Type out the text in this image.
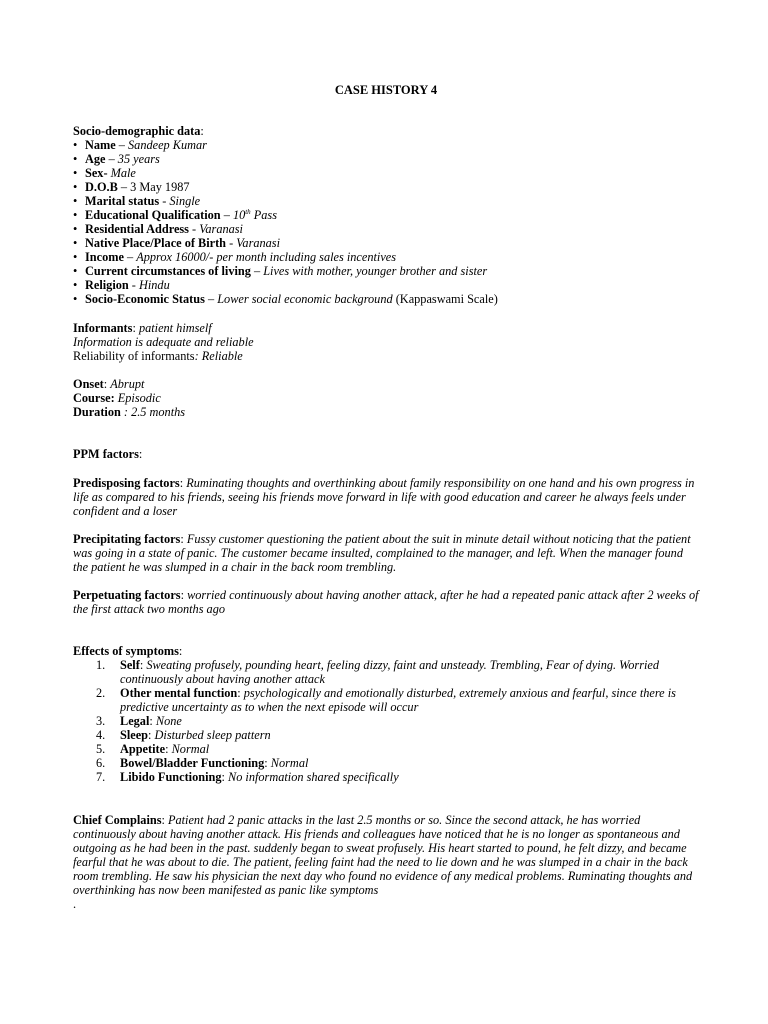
CASE HISTORY 4

Socio-demographic data:

• Name – Sandeep Kumar
• Age – 35 years
• Sex- Male
• D.O.B – 3 May 1987
• Marital status - Single
• Educational Qualification – 10th Pass
• Residential Address - Varanasi
• Native Place/Place of Birth - Varanasi
• Income – Approx 16000/- per month including sales incentives
• Current circumstances of living – Lives with mother, younger brother and sister
• Religion - Hindu
• Socio-Economic Status – Lower social economic background (Kappaswami Scale)

Informants: patient himself

Information is adequate and reliable

Reliability of informants: Reliable

Onset: Abrupt

Course: Episodic

Duration : 2.5 months

PPM factors:

Predisposing factors: Ruminating thoughts and overthinking about family responsibility on one hand and his own progress in life as compared to his friends, seeing his friends move forward in life with good education and career he always feels under confident and a loser

Precipitating factors: Fussy customer questioning the patient about the suit in minute detail without noticing that the patient was going in a state of panic. The customer became insulted, complained to the manager, and left. When the manager found the patient he was slumped in a chair in the back room trembling.

Perpetuating factors: worried continuously about having another attack, after he had a repeated panic attack after 2 weeks of the first attack two months ago

Effects of symptoms:

1. Self: Sweating profusely, pounding heart, feeling dizzy, faint and unsteady. Trembling, Fear of dying. Worried continuously about having another attack
2. Other mental function: psychologically and emotionally disturbed, extremely anxious and fearful, since there is predictive uncertainty as to when the next episode will occur
3. Legal: None
4. Sleep: Disturbed sleep pattern
5. Appetite: Normal
6. Bowel/Bladder Functioning: Normal
7. Libido Functioning: No information shared specifically

Chief Complains: Patient had 2 panic attacks in the last 2.5 months or so. Since the second attack, he has worried continuously about having another attack. His friends and colleagues have noticed that he is no longer as spontaneous and outgoing as he had been in the past. suddenly began to sweat profusely. His heart started to pound, he felt dizzy, and became fearful that he was about to die. The patient, feeling faint had the need to lie down and he was slumped in a chair in the back room trembling. He saw his physician the next day who found no evidence of any medical problems. Ruminating thoughts and overthinking has now been manifested as panic like symptoms

.
